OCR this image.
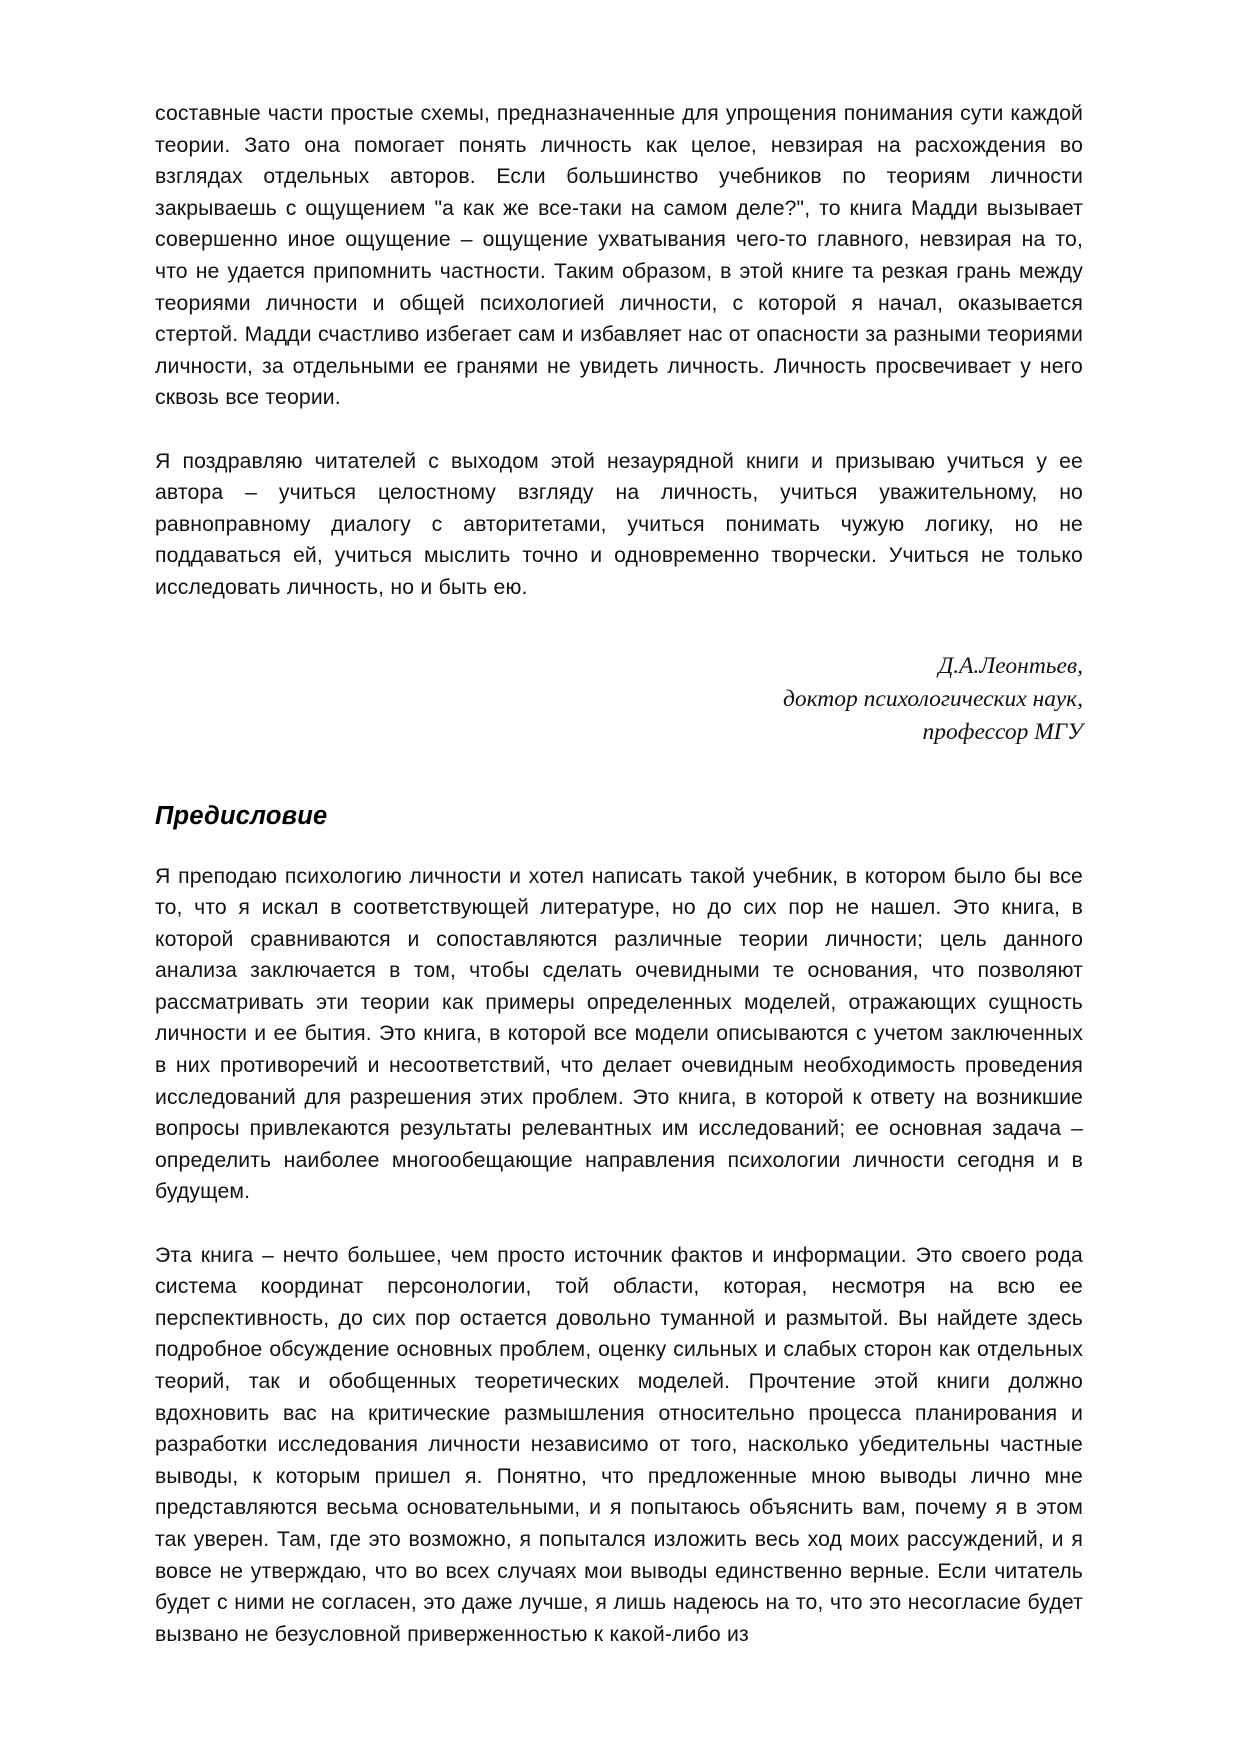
составные части простые схемы, предназначенные для упрощения понимания сути каждой теории. Зато она помогает понять личность как целое, невзирая на расхождения во взглядах отдельных авторов. Если большинство учебников по теориям личности закрываешь с ощущением "а как же все-таки на самом деле?", то книга Мадди вызывает совершенно иное ощущение – ощущение ухватывания чего-то главного, невзирая на то, что не удается припомнить частности. Таким образом, в этой книге та резкая грань между теориями личности и общей психологией личности, с которой я начал, оказывается стертой. Мадди счастливо избегает сам и избавляет нас от опасности за разными теориями личности, за отдельными ее гранями не увидеть личность. Личность просвечивает у него сквозь все теории.

Я поздравляю читателей с выходом этой незаурядной книги и призываю учиться у ее автора – учиться целостному взгляду на личность, учиться уважительному, но равноправному диалогу с авторитетами, учиться понимать чужую логику, но не поддаваться ей, учиться мыслить точно и одновременно творчески. Учиться не только исследовать личность, но и быть ею.

Д.А.Леонтьев,
доктор психологических наук,
профессор МГУ
Предисловие

Я преподаю психологию личности и хотел написать такой учебник, в котором было бы все то, что я искал в соответствующей литературе, но до сих пор не нашел. Это книга, в которой сравниваются и сопоставляются различные теории личности; цель данного анализа заключается в том, чтобы сделать очевидными те основания, что позволяют рассматривать эти теории как примеры определенных моделей, отражающих сущность личности и ее бытия. Это книга, в которой все модели описываются с учетом заключенных в них противоречий и несоответствий, что делает очевидным необходимость проведения исследований для разрешения этих проблем. Это книга, в которой к ответу на возникшие вопросы привлекаются результаты релевантных им исследований; ее основная задача – определить наиболее многообещающие направления психологии личности сегодня и в будущем.

Эта книга – нечто большее, чем просто источник фактов и информации. Это своего рода система координат персонологии, той области, которая, несмотря на всю ее перспективность, до сих пор остается довольно туманной и размытой. Вы найдете здесь подробное обсуждение основных проблем, оценку сильных и слабых сторон как отдельных теорий, так и обобщенных теоретических моделей. Прочтение этой книги должно вдохновить вас на критические размышления относительно процесса планирования и разработки исследования личности независимо от того, насколько убедительны частные выводы, к которым пришел я. Понятно, что предложенные мною выводы лично мне представляются весьма основательными, и я попытаюсь объяснить вам, почему я в этом так уверен. Там, где это возможно, я попытался изложить весь ход моих рассуждений, и я вовсе не утверждаю, что во всех случаях мои выводы единственно верные. Если читатель будет с ними не согласен, это даже лучше, я лишь надеюсь на то, что это несогласие будет вызвано не безусловной приверженностью к какой-либо из
